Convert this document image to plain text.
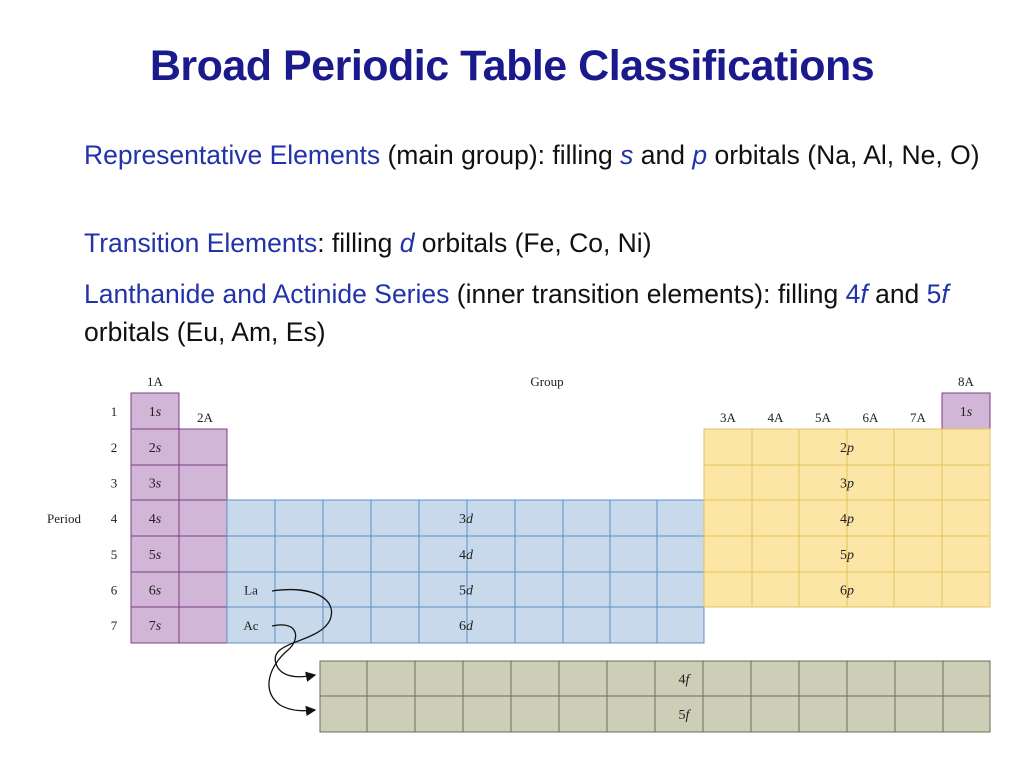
Broad Periodic Table Classifications
Representative Elements (main group): filling s and p orbitals (Na, Al, Ne, O)
Transition Elements: filling d orbitals (Fe, Co, Ni)
Lanthanide and Actinide Series (inner transition elements): filling 4f and 5f orbitals (Eu, Am, Es)
1A	Group	8A
2A	3A 4A 5A 6A 7A
1
2
3
4
5
6
7
Period
1s
2s
3s
4s
5s
6s
7s
1s
3d
4d
5d
6d
2p
3p
4p
5p
6p
4f
5f
La
Ac
